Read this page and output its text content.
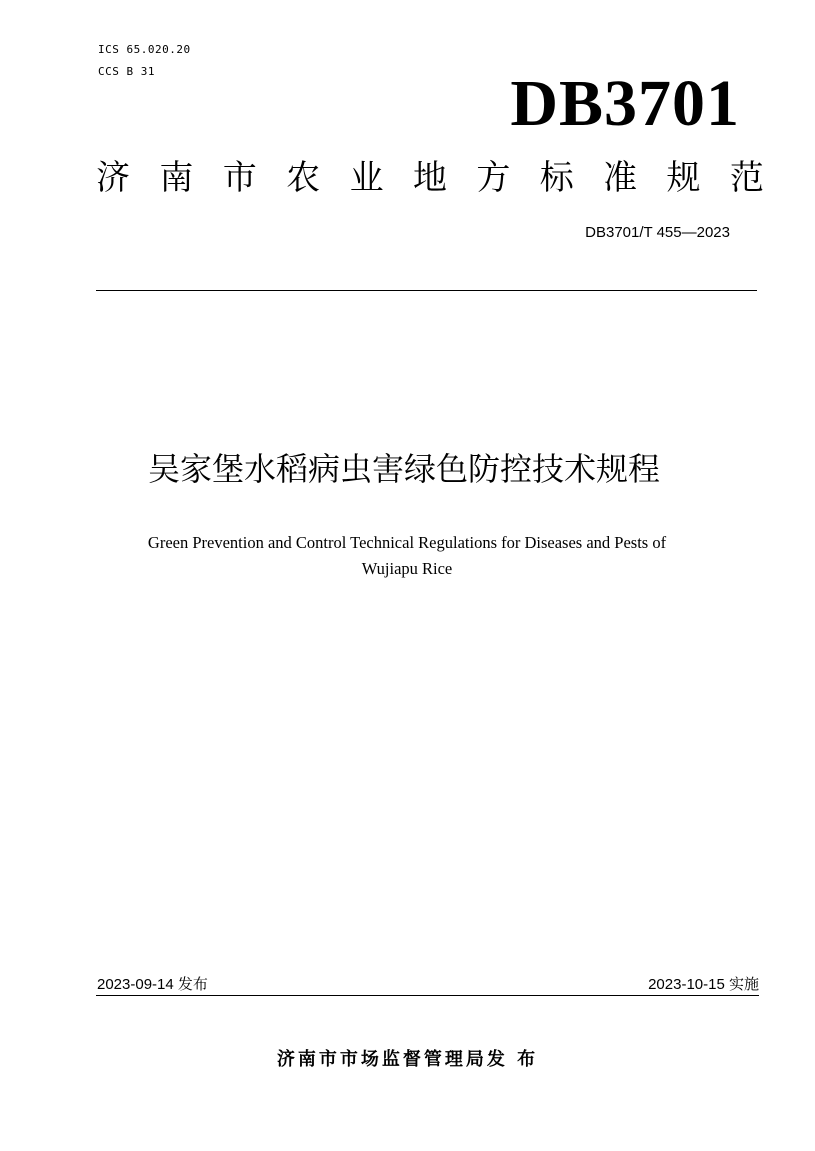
ICS 65.020.20
CCS B 31	DB3701
济 南 市 农 业 地 方 标 准 规 范
DB3701/T 455—2023
吴家堡水稻病虫害绿色防控技术规程
Green Prevention and Control Technical Regulations for Diseases and Pests of
Wujiapu Rice
2023-09-14 发布	2023-10-15 实施
济南市市场监督管理局发 布
